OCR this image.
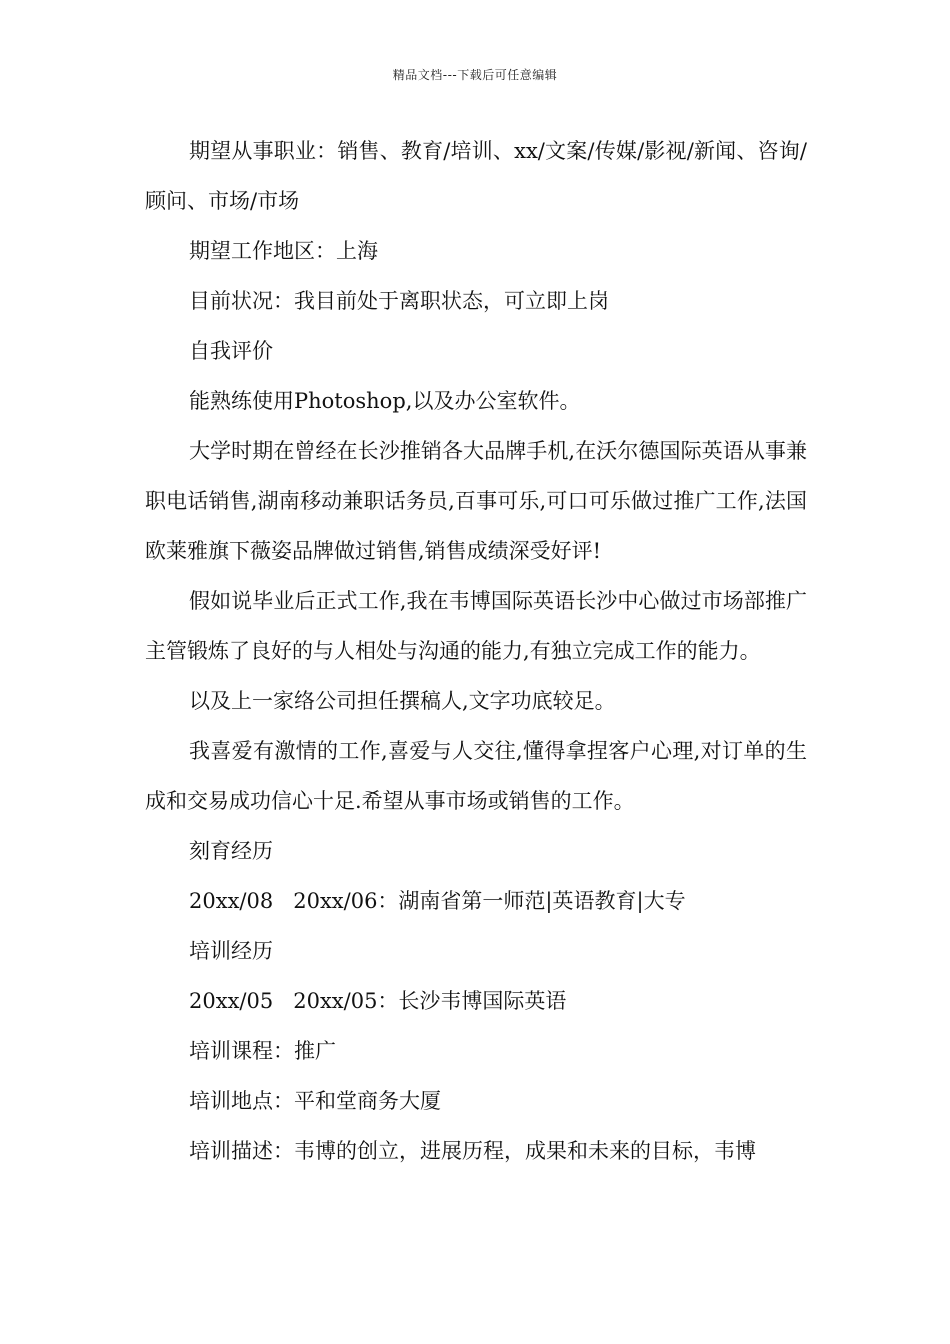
精品文档---下载后可任意编辑

期望从事职业：销售、教育/培训、xx/文案/传媒/影视/新闻、咨询/顾问、市场/市场

期望工作地区：上海

目前状况：我目前处于离职状态，可立即上岗

自我评价

能熟练使用Photoshop,以及办公室软件。

大学时期在曾经在长沙推销各大品牌手机,在沃尔德国际英语从事兼职电话销售,湖南移动兼职话务员,百事可乐,可口可乐做过推广工作,法国欧莱雅旗下薇姿品牌做过销售,销售成绩深受好评!

假如说毕业后正式工作,我在韦博国际英语长沙中心做过市场部推广主管锻炼了良好的与人相处与沟通的能力,有独立完成工作的能力。

以及上一家络公司担任撰稿人,文字功底较足。

我喜爱有激情的工作,喜爱与人交往,懂得拿捏客户心理,对订单的生成和交易成功信心十足.希望从事市场或销售的工作。

刻育经历

20xx/08   20xx/06：湖南省第一师范|英语教育|大专

培训经历

20xx/05   20xx/05：长沙韦博国际英语

培训课程：推广

培训地点：平和堂商务大厦

培训描述：韦博的创立，进展历程，成果和未来的目标，韦博
